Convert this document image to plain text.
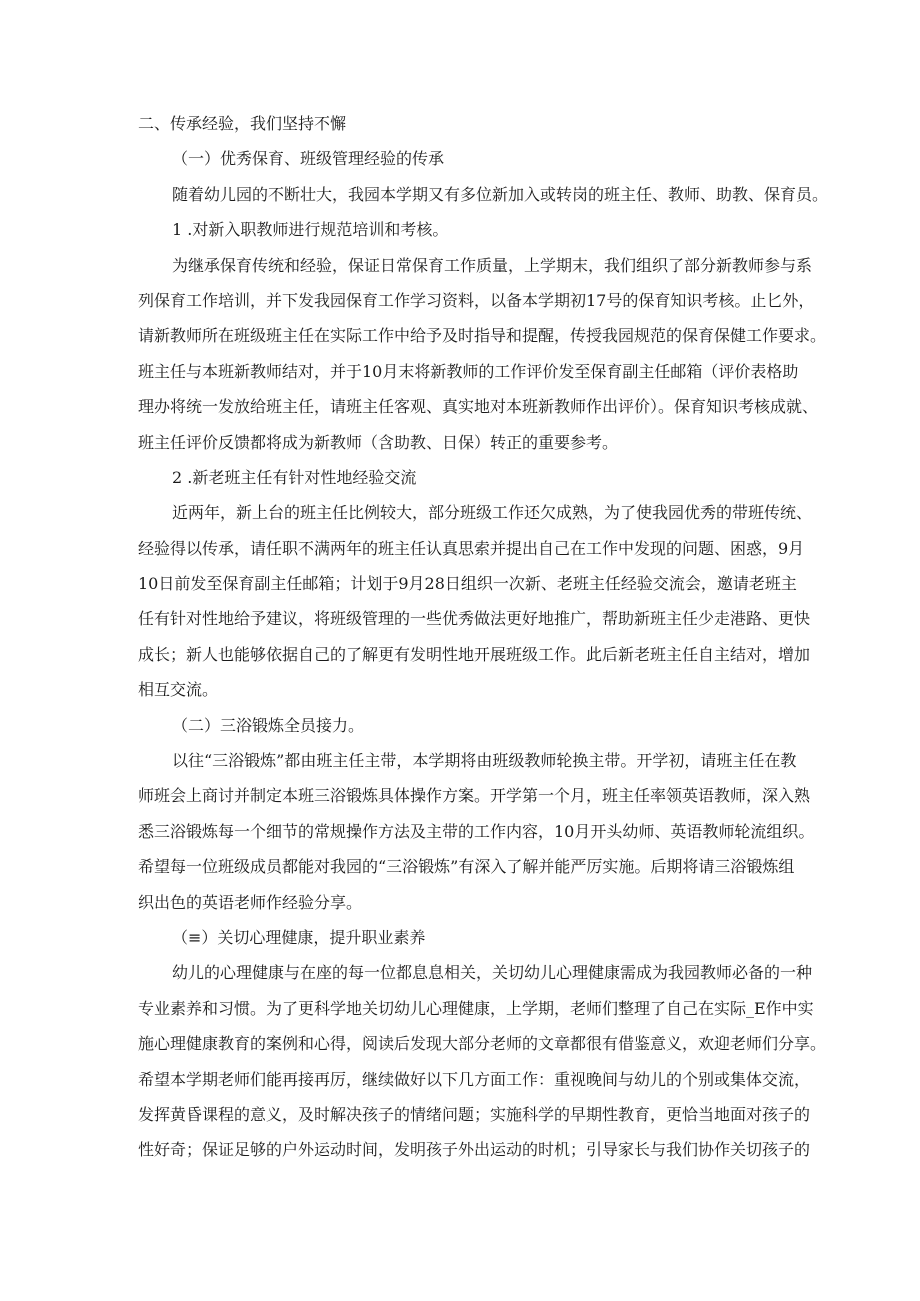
二、传承经验，我们坚持不懈
（一）优秀保育、班级管理经验的传承
随着幼儿园的不断壮大，我园本学期又有多位新加入或转岗的班主任、教师、助教、保育员。
1 .对新入职教师进行规范培训和考核。
为继承保育传统和经验，保证日常保育工作质量，上学期末，我们组织了部分新教师参与系
列保育工作培训，并下发我园保育工作学习资料，以备本学期初17号的保育知识考核。止匕外，
请新教师所在班级班主任在实际工作中给予及时指导和提醒，传授我园规范的保育保健工作要求。
班主任与本班新教师结对，并于10月末将新教师的工作评价发至保育副主任邮箱（评价表格助
理办将统一发放给班主任，请班主任客观、真实地对本班新教师作出评价）。保育知识考核成就、
班主任评价反馈都将成为新教师（含助教、日保）转正的重要参考。
2 .新老班主任有针对性地经验交流
近两年，新上台的班主任比例较大，部分班级工作还欠成熟，为了使我园优秀的带班传统、
经验得以传承，请任职不满两年的班主任认真思索并提出自己在工作中发现的问题、困惑，9月
10日前发至保育副主任邮箱；计划于9月28日组织一次新、老班主任经验交流会，邀请老班主
任有针对性地给予建议，将班级管理的一些优秀做法更好地推广，帮助新班主任少走港路、更快
成长；新人也能够依据自己的了解更有发明性地开展班级工作。此后新老班主任自主结对，增加
相互交流。
（二）三浴锻炼全员接力。
以往“三浴锻炼”都由班主任主带，本学期将由班级教师轮换主带。开学初，请班主任在教
师班会上商讨并制定本班三浴锻炼具体操作方案。开学第一个月，班主任率领英语教师，深入熟
悉三浴锻炼每一个细节的常规操作方法及主带的工作内容，10月开头幼师、英语教师轮流组织。
希望每一位班级成员都能对我园的“三浴锻炼”有深入了解并能严厉实施。后期将请三浴锻炼组
织出色的英语老师作经验分享。
（≡）关切心理健康，提升职业素养
幼儿的心理健康与在座的每一位都息息相关，关切幼儿心理健康需成为我园教师必备的一种
专业素养和习惯。为了更科学地关切幼儿心理健康，上学期，老师们整理了自己在实际_E作中实
施心理健康教育的案例和心得，阅读后发现大部分老师的文章都很有借鉴意义，欢迎老师们分享。
希望本学期老师们能再接再厉，继续做好以下几方面工作：重视晚间与幼儿的个别或集体交流，
发挥黄昏课程的意义，及时解决孩子的情绪问题；实施科学的早期性教育，更恰当地面对孩子的
性好奇；保证足够的户外运动时间，发明孩子外出运动的时机；引导家长与我们协作关切孩子的
